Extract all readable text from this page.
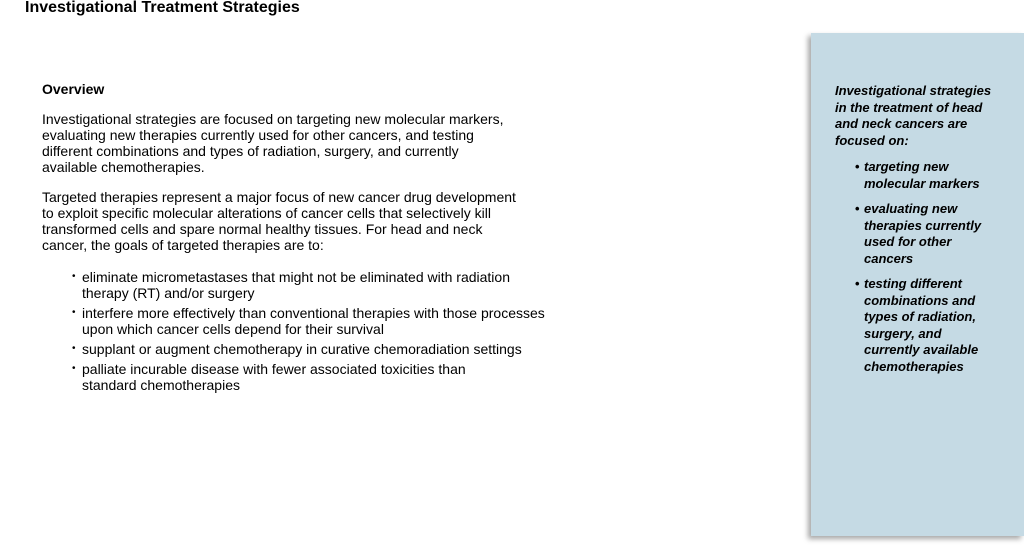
Investigational Treatment Strategies
Overview

Investigational strategies are focused on targeting new molecular markers,
evaluating new therapies currently used for other cancers, and testing
different combinations and types of radiation, surgery, and currently
available chemotherapies.

Targeted therapies represent a major focus of new cancer drug development
to exploit specific molecular alterations of cancer cells that selectively kill
transformed cells and spare normal healthy tissues. For head and neck
cancer, the goals of targeted therapies are to:

• eliminate micrometastases that might not be eliminated with radiation
therapy (RT) and/or surgery
• interfere more effectively than conventional therapies with those processes
upon which cancer cells depend for their survival
• supplant or augment chemotherapy in curative chemoradiation settings
• palliate incurable disease with fewer associated toxicities than
standard chemotherapies

Investigational strategies
in the treatment of head
and neck cancers are
focused on:

• targeting new
molecular markers
• evaluating new
therapies currently
used for other
cancers
• testing different
combinations and
types of radiation,
surgery, and
currently available
chemotherapies
